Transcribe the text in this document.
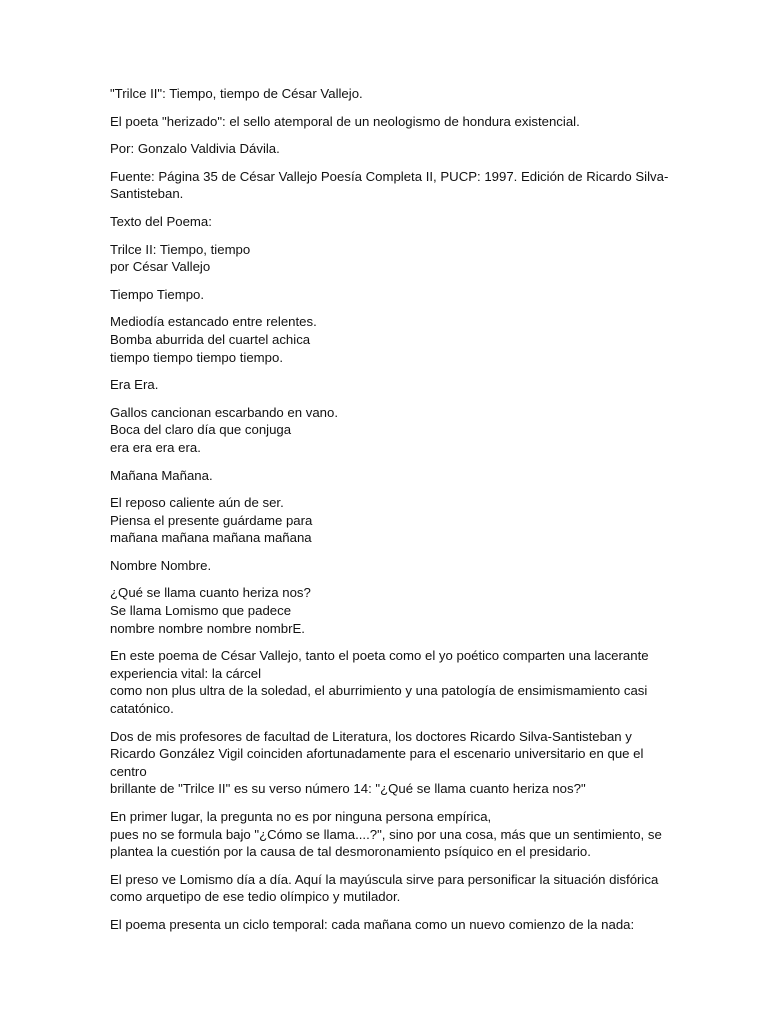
"Trilce II": Tiempo, tiempo de César Vallejo.

El poeta "herizado": el sello atemporal de un neologismo de hondura existencial.

Por: Gonzalo Valdivia Dávila.

Fuente: Página 35 de César Vallejo Poesía Completa II, PUCP: 1997. Edición de Ricardo Silva-
Santisteban.

Texto del Poema:

Trilce II: Tiempo, tiempo
por César Vallejo

Tiempo Tiempo.

Mediodía estancado entre relentes.
Bomba aburrida del cuartel achica
tiempo tiempo tiempo tiempo.

Era Era.

Gallos cancionan escarbando en vano.
Boca del claro día que conjuga
era era era era.

Mañana Mañana.

El reposo caliente aún de ser.
Piensa el presente guárdame para
mañana mañana mañana mañana

Nombre Nombre.

¿Qué se llama cuanto heriza nos?
Se llama Lomismo que padece
nombre nombre nombre nombrE.

En este poema de César Vallejo, tanto el poeta como el yo poético comparten una lacerante
experiencia vital: la cárcel
como non plus ultra de la soledad, el aburrimiento y una patología de ensimismamiento casi
catatónico.

Dos de mis profesores de facultad de Literatura, los doctores Ricardo Silva-Santisteban y
Ricardo González Vigil coinciden afortunadamente para el escenario universitario en que el
centro
brillante de "Trilce II" es su verso número 14: "¿Qué se llama cuanto heriza nos?"

En primer lugar, la pregunta no es por ninguna persona empírica,
pues no se formula bajo "¿Cómo se llama....?", sino por una cosa, más que un sentimiento, se
plantea la cuestión por la causa de tal desmoronamiento psíquico en el presidario.

El preso ve Lomismo día a día. Aquí la mayúscula sirve para personificar la situación disfórica
como arquetipo de ese tedio olímpico y mutilador.

El poema presenta un ciclo temporal: cada mañana como un nuevo comienzo de la nada:
